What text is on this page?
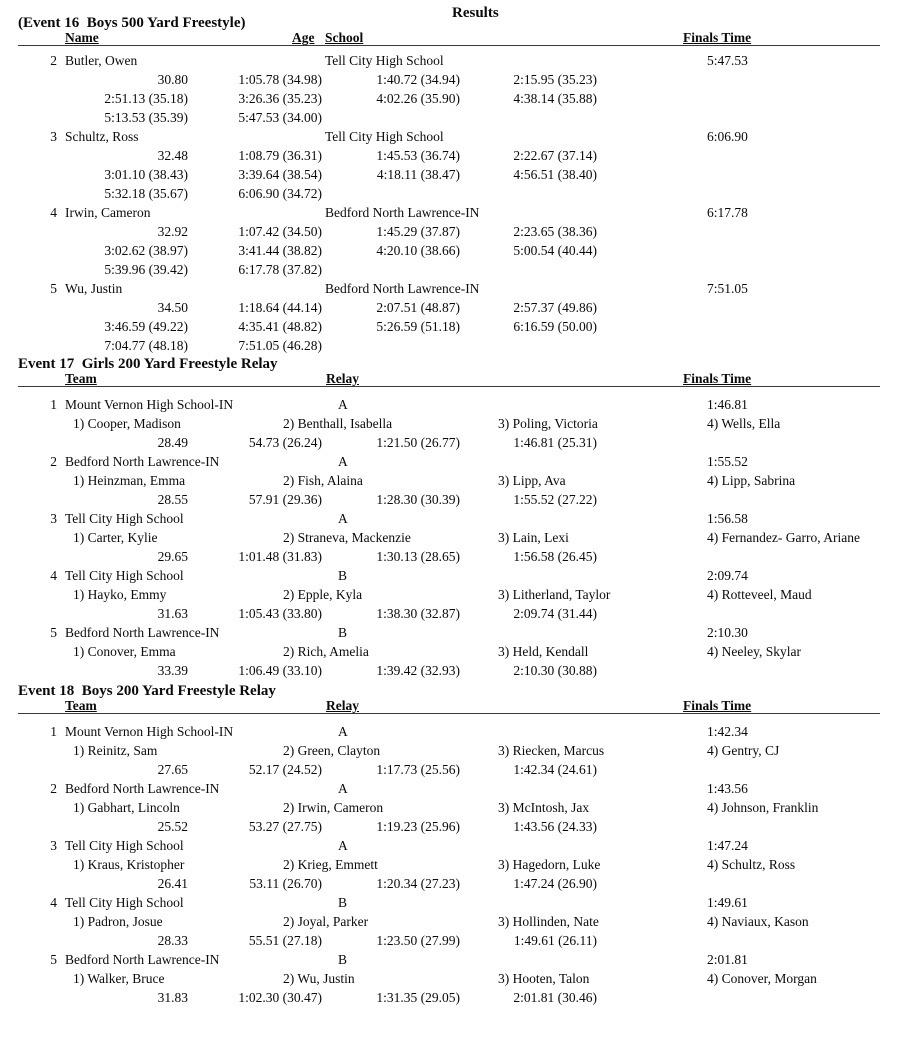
Results
(Event 16  Boys 500 Yard Freestyle)
Name	Age School	Finals Time
2 Butler, Owen	Tell City High School	5:47.53
30.80	1:05.78 (34.98)	1:40.72 (34.94)	2:15.95 (35.23)
2:51.13 (35.18)	3:26.36 (35.23)	4:02.26 (35.90)	4:38.14 (35.88)
5:13.53 (35.39)	5:47.53 (34.00)
3 Schultz, Ross	Tell City High School	6:06.90
32.48	1:08.79 (36.31)	1:45.53 (36.74)	2:22.67 (37.14)
3:01.10 (38.43)	3:39.64 (38.54)	4:18.11 (38.47)	4:56.51 (38.40)
5:32.18 (35.67)	6:06.90 (34.72)
4 Irwin, Cameron	Bedford North Lawrence-IN	6:17.78
32.92	1:07.42 (34.50)	1:45.29 (37.87)	2:23.65 (38.36)
3:02.62 (38.97)	3:41.44 (38.82)	4:20.10 (38.66)	5:00.54 (40.44)
5:39.96 (39.42)	6:17.78 (37.82)
5 Wu, Justin	Bedford North Lawrence-IN	7:51.05
34.50	1:18.64 (44.14)	2:07.51 (48.87)	2:57.37 (49.86)
3:46.59 (49.22)	4:35.41 (48.82)	5:26.59 (51.18)	6:16.59 (50.00)
7:04.77 (48.18)	7:51.05 (46.28)
Event 17  Girls 200 Yard Freestyle Relay
Team	Relay	Finals Time
1 Mount Vernon High School-IN	A	1:46.81
1) Cooper, Madison	2) Benthall, Isabella	3) Poling, Victoria	4) Wells, Ella
28.49	54.73 (26.24)	1:21.50 (26.77)	1:46.81 (25.31)
2 Bedford North Lawrence-IN	A	1:55.52
1) Heinzman, Emma	2) Fish, Alaina	3) Lipp, Ava	4) Lipp, Sabrina
28.55	57.91 (29.36)	1:28.30 (30.39)	1:55.52 (27.22)
3 Tell City High School	A	1:56.58
1) Carter, Kylie	2) Straneva, Mackenzie	3) Lain, Lexi	4) Fernandez- Garro, Ariane
29.65	1:01.48 (31.83)	1:30.13 (28.65)	1:56.58 (26.45)
4 Tell City High School	B	2:09.74
1) Hayko, Emmy	2) Epple, Kyla	3) Litherland, Taylor	4) Rotteveel, Maud
31.63	1:05.43 (33.80)	1:38.30 (32.87)	2:09.74 (31.44)
5 Bedford North Lawrence-IN	B	2:10.30
1) Conover, Emma	2) Rich, Amelia	3) Held, Kendall	4) Neeley, Skylar
33.39	1:06.49 (33.10)	1:39.42 (32.93)	2:10.30 (30.88)
Event 18  Boys 200 Yard Freestyle Relay
Team	Relay	Finals Time
1 Mount Vernon High School-IN	A	1:42.34
1) Reinitz, Sam	2) Green, Clayton	3) Riecken, Marcus	4) Gentry, CJ
27.65	52.17 (24.52)	1:17.73 (25.56)	1:42.34 (24.61)
2 Bedford North Lawrence-IN	A	1:43.56
1) Gabhart, Lincoln	2) Irwin, Cameron	3) McIntosh, Jax	4) Johnson, Franklin
25.52	53.27 (27.75)	1:19.23 (25.96)	1:43.56 (24.33)
3 Tell City High School	A	1:47.24
1) Kraus, Kristopher	2) Krieg, Emmett	3) Hagedorn, Luke	4) Schultz, Ross
26.41	53.11 (26.70)	1:20.34 (27.23)	1:47.24 (26.90)
4 Tell City High School	B	1:49.61
1) Padron, Josue	2) Joyal, Parker	3) Hollinden, Nate	4) Naviaux, Kason
28.33	55.51 (27.18)	1:23.50 (27.99)	1:49.61 (26.11)
5 Bedford North Lawrence-IN	B	2:01.81
1) Walker, Bruce	2) Wu, Justin	3) Hooten, Talon	4) Conover, Morgan
31.83	1:02.30 (30.47)	1:31.35 (29.05)	2:01.81 (30.46)
